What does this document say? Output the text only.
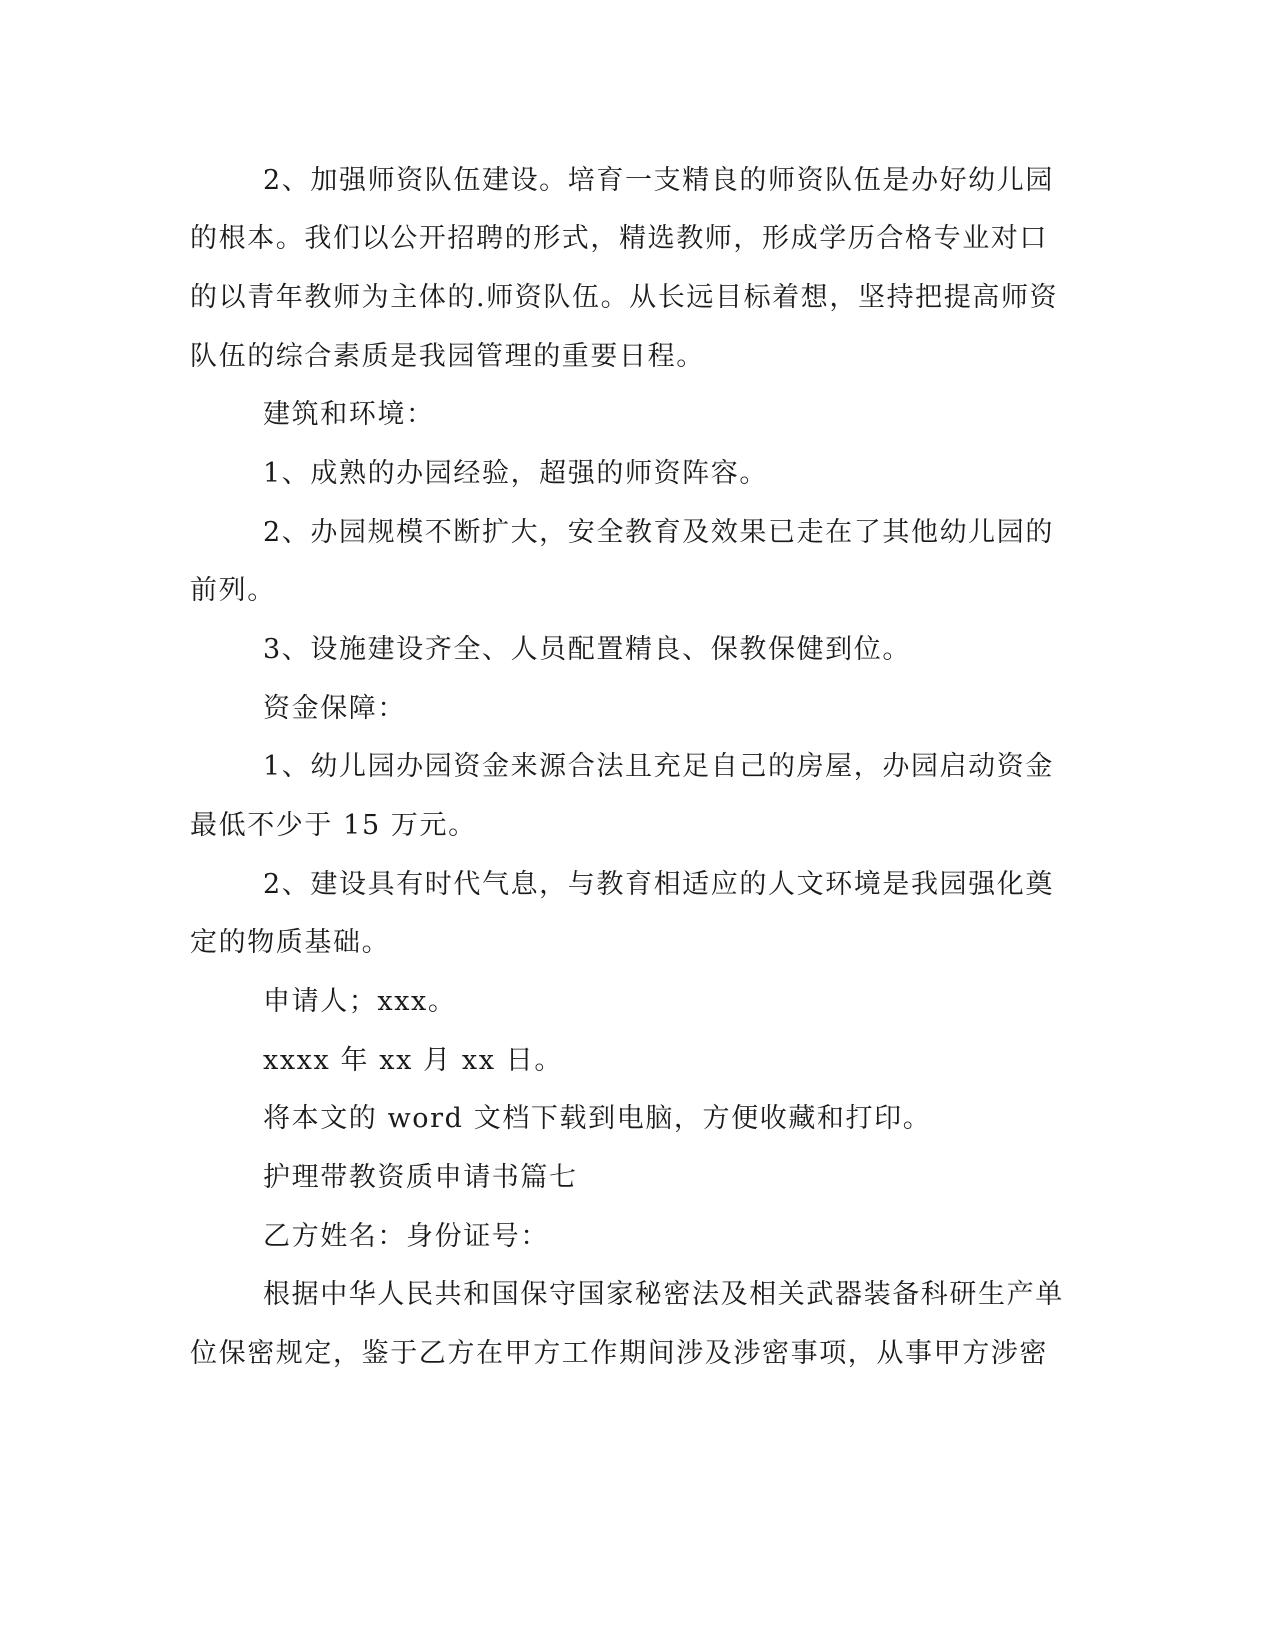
2、加强师资队伍建设。培育一支精良的师资队伍是办好幼儿园
的根本。我们以公开招聘的形式，精选教师，形成学历合格专业对口
的以青年教师为主体的.师资队伍。从长远目标着想，坚持把提高师资
队伍的综合素质是我园管理的重要日程。
建筑和环境：
1、成熟的办园经验，超强的师资阵容。
2、办园规模不断扩大，安全教育及效果已走在了其他幼儿园的
前列。
3、设施建设齐全、人员配置精良、保教保健到位。
资金保障：
1、幼儿园办园资金来源合法且充足自己的房屋，办园启动资金
最低不少于 15 万元。
2、建设具有时代气息，与教育相适应的人文环境是我园强化奠
定的物质基础。
申请人；xxx。
xxxx 年 xx 月 xx 日。
将本文的 word 文档下载到电脑，方便收藏和打印。
护理带教资质申请书篇七
乙方姓名：身份证号：
根据中华人民共和国保守国家秘密法及相关武器装备科研生产单
位保密规定，鉴于乙方在甲方工作期间涉及涉密事项，从事甲方涉密
